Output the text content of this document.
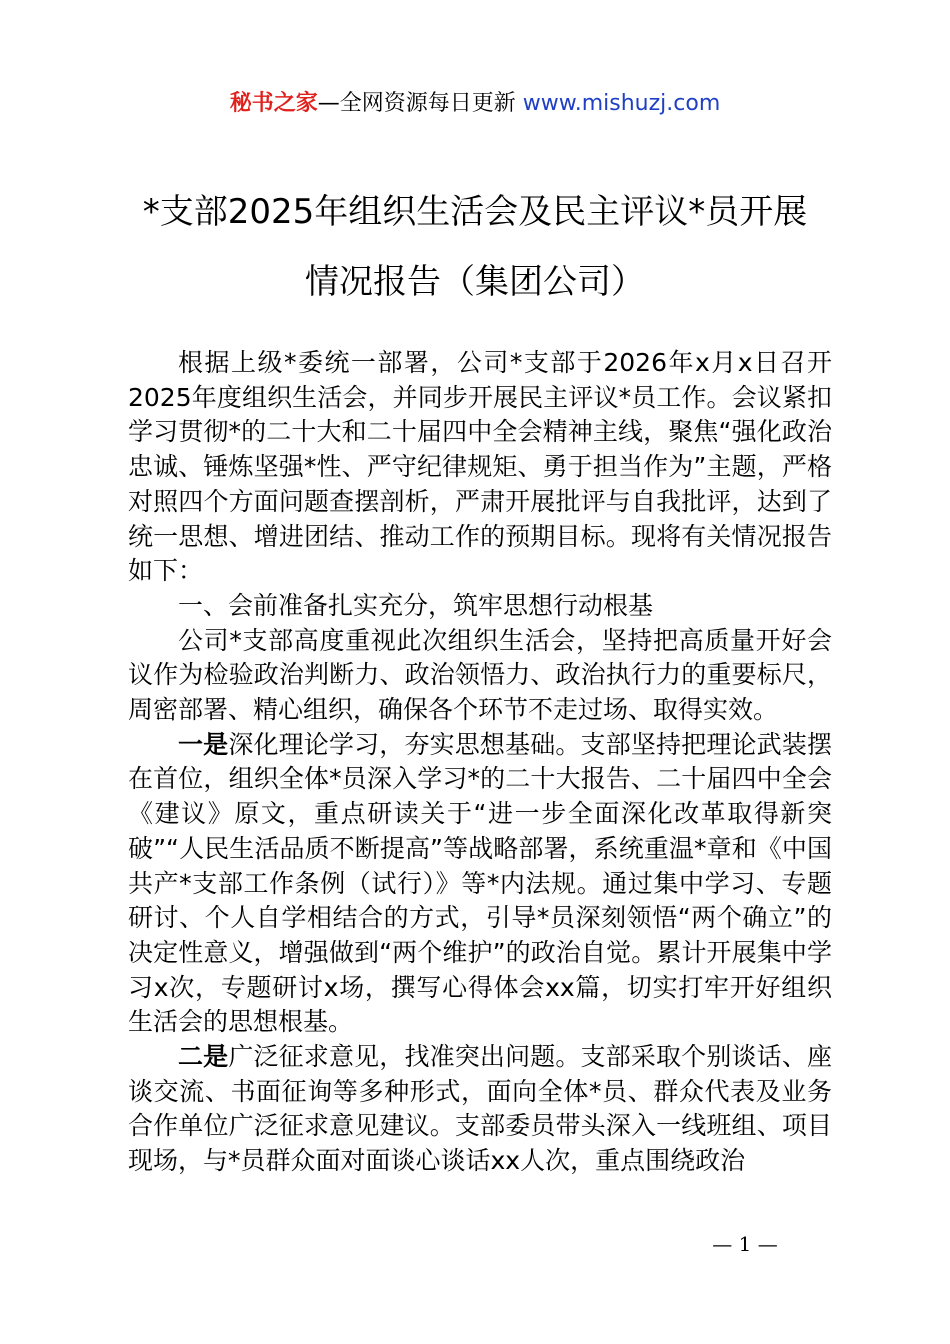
秘书之家—全网资源每日更新 www.mishuzj.com
*支部2025年组织生活会及民主评议*员开展
情况报告（集团公司）

根据上级*委统一部署，公司*支部于2026年x月x日召开2025年度组织生活会，并同步开展民主评议*员工作。会议紧扣学习贯彻*的二十大和二十届四中全会精神主线，聚焦“强化政治忠诚、锤炼坚强*性、严守纪律规矩、勇于担当作为”主题，严格对照四个方面问题查摆剖析，严肃开展批评与自我批评，达到了统一思想、增进团结、推动工作的预期目标。现将有关情况报告如下：

一、会前准备扎实充分，筑牢思想行动根基

公司*支部高度重视此次组织生活会，坚持把高质量开好会议作为检验政治判断力、政治领悟力、政治执行力的重要标尺，周密部署、精心组织，确保各个环节不走过场、取得实效。

一是深化理论学习，夯实思想基础。支部坚持把理论武装摆在首位，组织全体*员深入学习*的二十大报告、二十届四中全会《建议》原文，重点研读关于“进一步全面深化改革取得新突破”“人民生活品质不断提高”等战略部署，系统重温*章和《中国共产*支部工作条例（试行）》等*内法规。通过集中学习、专题研讨、个人自学相结合的方式，引导*员深刻领悟“两个确立”的决定性意义，增强做到“两个维护”的政治自觉。累计开展集中学习x次，专题研讨x场，撰写心得体会xx篇，切实打牢开好组织生活会的思想根基。

二是广泛征求意见，找准突出问题。支部采取个别谈话、座谈交流、书面征询等多种形式，面向全体*员、群众代表及业务合作单位广泛征求意见建议。支部委员带头深入一线班组、项目现场，与*员群众面对面谈心谈话xx人次，重点围绕政治

— 1 —
